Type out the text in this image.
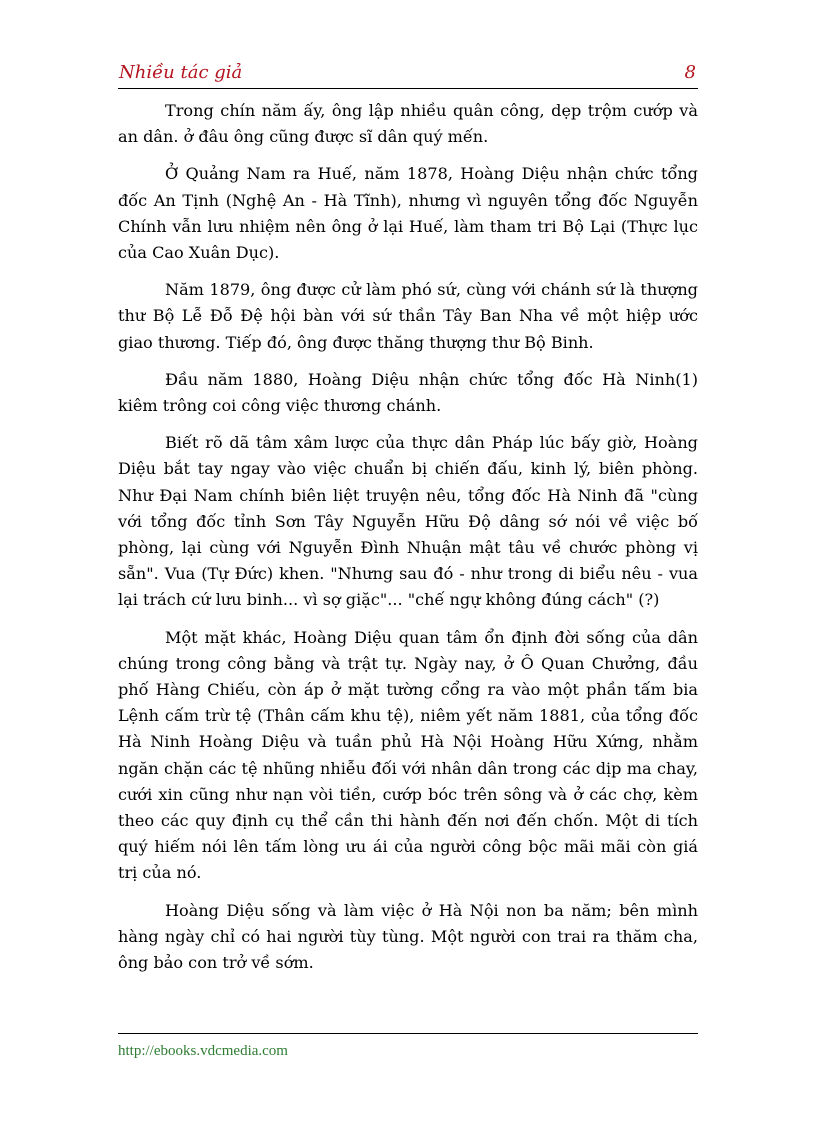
Nhiều tác giả	8

Trong chín năm ấy, ông lập nhiều quân công, dẹp trộm cướp và an dân. ở đâu ông cũng được sĩ dân quý mến.

Ở Quảng Nam ra Huế, năm 1878, Hoàng Diệu nhận chức tổng đốc An Tịnh (Nghệ An - Hà Tĩnh), nhưng vì nguyên tổng đốc Nguyễn Chính vẫn lưu nhiệm nên ông ở lại Huế, làm tham tri Bộ Lại (Thực lục của Cao Xuân Dục).

Năm 1879, ông được cử làm phó sứ, cùng với chánh sứ là thượng thư Bộ Lễ Đỗ Đệ hội bàn với sứ thần Tây Ban Nha về một hiệp ước giao thương. Tiếp đó, ông được thăng thượng thư Bộ Binh.

Đầu năm 1880, Hoàng Diệu nhận chức tổng đốc Hà Ninh(1) kiêm trông coi công việc thương chánh.

Biết rõ dã tâm xâm lược của thực dân Pháp lúc bấy giờ, Hoàng Diệu bắt tay ngay vào việc chuẩn bị chiến đấu, kinh lý, biên phòng. Như Đại Nam chính biên liệt truyện nêu, tổng đốc Hà Ninh đã "cùng với tổng đốc tỉnh Sơn Tây Nguyễn Hữu Độ dâng sớ nói về việc bố phòng, lại cùng với Nguyễn Đình Nhuận mật tâu về chước phòng vị sẵn". Vua (Tự Đức) khen. "Nhưng sau đó - như trong di biểu nêu - vua lại trách cứ lưu binh... vì sợ giặc"... "chế ngự không đúng cách" (?)

Một mặt khác, Hoàng Diệu quan tâm ổn định đời sống của dân chúng trong công bằng và trật tự. Ngày nay, ở Ô Quan Chưởng, đầu phố Hàng Chiếu, còn áp ở mặt tường cổng ra vào một phần tấm bia Lệnh cấm trừ tệ (Thân cấm khu tệ), niêm yết năm 1881, của tổng đốc Hà Ninh Hoàng Diệu và tuần phủ Hà Nội Hoàng Hữu Xứng, nhằm ngăn chặn các tệ nhũng nhiễu đối với nhân dân trong các dịp ma chay, cưới xin cũng như nạn vòi tiền, cướp bóc trên sông và ở các chợ, kèm theo các quy định cụ thể cần thi hành đến nơi đến chốn. Một di tích quý hiếm nói lên tấm lòng ưu ái của người công bộc mãi mãi còn giá trị của nó.

Hoàng Diệu sống và làm việc ở Hà Nội non ba năm; bên mình hàng ngày chỉ có hai người tùy tùng. Một người con trai ra thăm cha, ông bảo con trở về sớm.

http://ebooks.vdcmedia.com
